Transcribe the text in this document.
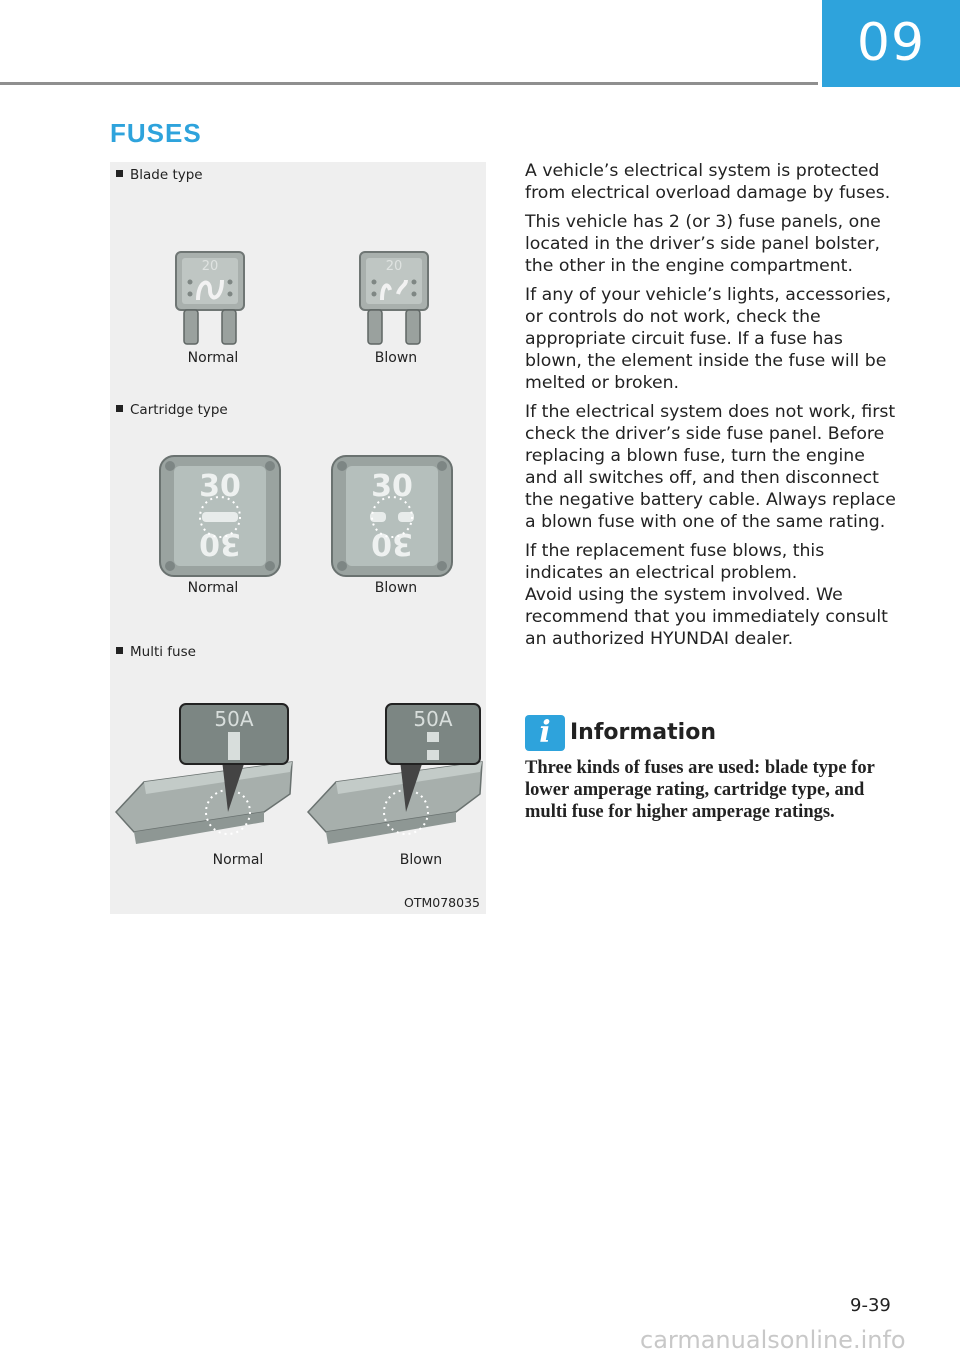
09
FUSES
Blade type
20
Normal
20
Blown
Cartridge type
30
30
Normal
30
30
Blown
Multi fuse
50A
Normal
50A
Blown
OTM078035

A vehicle’s electrical system is protected from electrical overload damage by fuses.

This vehicle has 2 (or 3) fuse panels, one located in the driver’s side panel bolster, the other in the engine compartment.

If any of your vehicle’s lights, accessories, or controls do not work, check the appropriate circuit fuse. If a fuse has blown, the element inside the fuse will be melted or broken.

If the electrical system does not work, first check the driver’s side fuse panel. Before replacing a blown fuse, turn the engine and all switches off, and then disconnect the negative battery cable. Always replace a blown fuse with one of the same rating.

If the replacement fuse blows, this indicates an electrical problem.

Avoid using the system involved. We recommend that you immediately consult an authorized HYUNDAI dealer.

i Information
Three kinds of fuses are used: blade type for lower amperage rating, cartridge type, and multi fuse for higher amperage ratings.
9-39
carmanualsonline.info
